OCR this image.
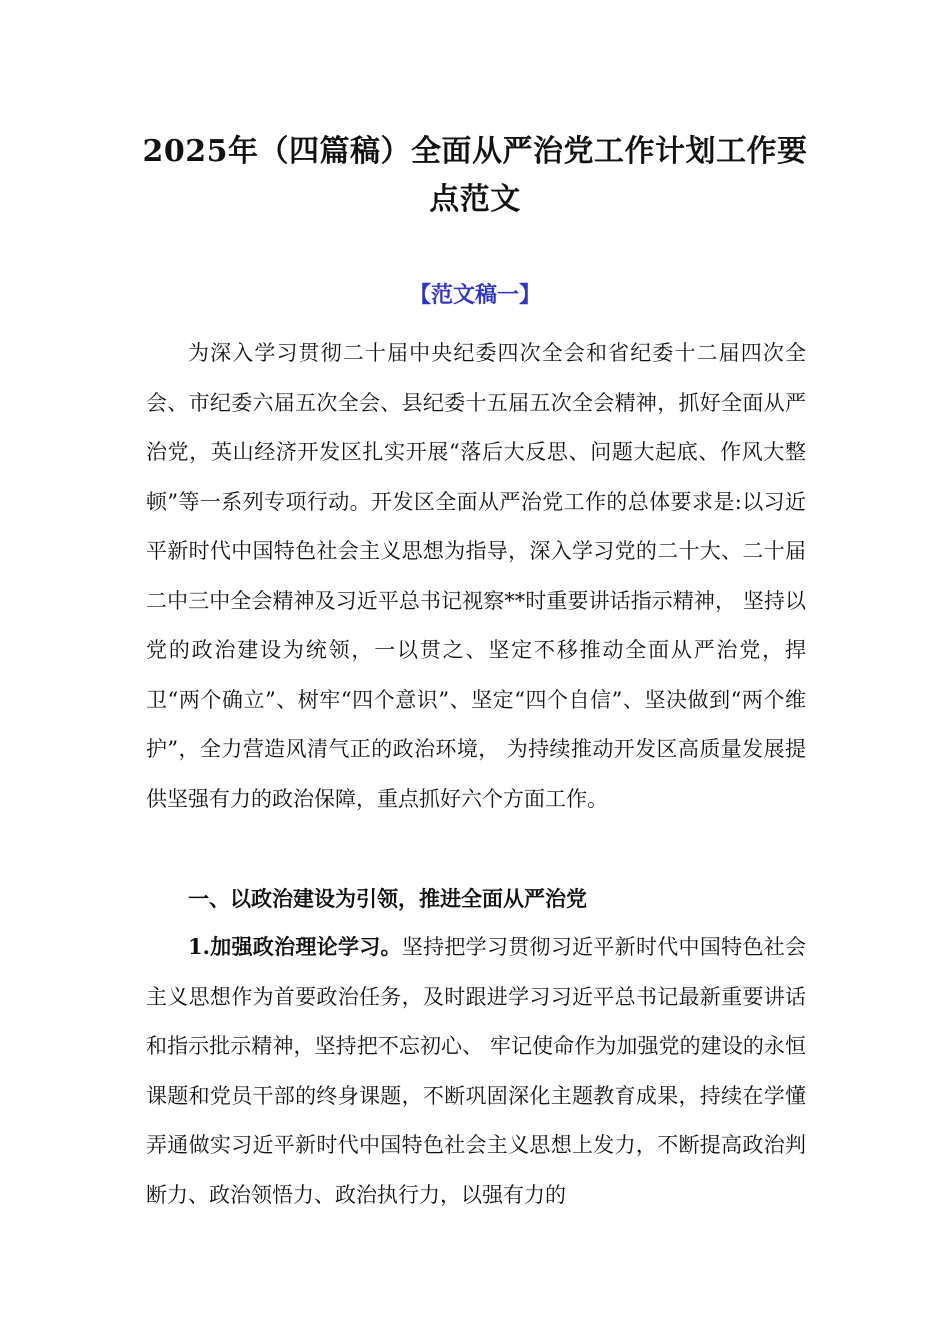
2025年（四篇稿）全面从严治党工作计划工作要点范文
【范文稿一】

为深入学习贯彻二十届中央纪委四次全会和省纪委十二届四次全会、市纪委六届五次全会、县纪委十五届五次全会精神，抓好全面从严治党，英山经济开发区扎实开展“落后大反思、问题大起底、作风大整顿”等一系列专项行动。开发区全面从严治党工作的总体要求是:以习近平新时代中国特色社会主义思想为指导，深入学习党的二十大、二十届二中三中全会精神及习近平总书记视察**时重要讲话指示精神， 坚持以党的政治建设为统领，一以贯之、坚定不移推动全面从严治党，捍卫“两个确立”、树牢“四个意识”、坚定“四个自信”、坚决做到“两个维护”，全力营造风清气正的政治环境， 为持续推动开发区高质量发展提供坚强有力的政治保障，重点抓好六个方面工作。

一、以政治建设为引领，推进全面从严治党

1.加强政治理论学习。坚持把学习贯彻习近平新时代中国特色社会主义思想作为首要政治任务，及时跟进学习习近平总书记最新重要讲话和指示批示精神，坚持把不忘初心、 牢记使命作为加强党的建设的永恒课题和党员干部的终身课题，不断巩固深化主题教育成果，持续在学懂弄通做实习近平新时代中国特色社会主义思想上发力，不断提高政治判断力、政治领悟力、政治执行力，以强有力的
